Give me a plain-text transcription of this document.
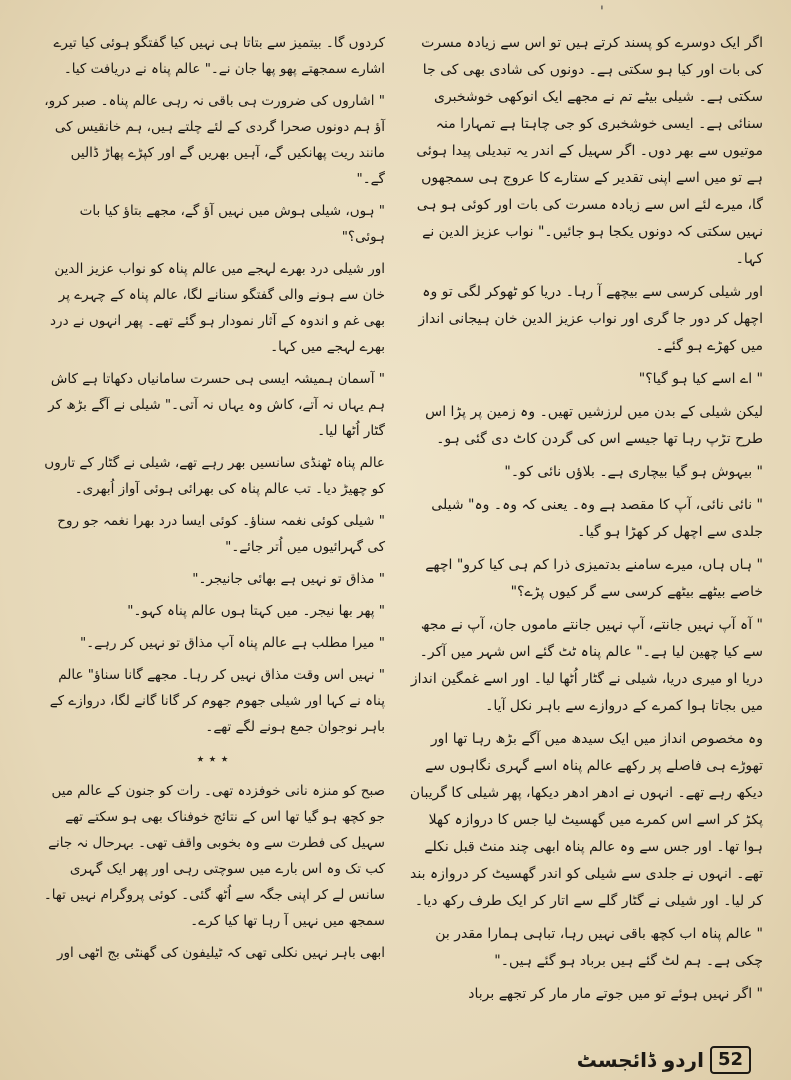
'

اگر ایک دوسرے کو پسند کرتے ہیں تو اس سے زیادہ مسرت کی بات اور کیا ہو سکتی ہے۔ دونوں کی شادی بھی کی جا سکتی ہے۔ شیلی بیٹے تم نے مجھے ایک انوکھی خوشخبری سنائی ہے۔ ایسی خوشخبری کو جی چاہتا ہے تمہارا منہ موتیوں سے بھر دوں۔ اگر سہیل کے اندر یہ تبدیلی پیدا ہوئی ہے تو میں اسے اپنی تقدیر کے ستارے کا عروج ہی سمجھوں گا، میرے لئے اس سے زیادہ مسرت کی بات اور کوئی ہو ہی نہیں سکتی کہ دونوں یکجا ہو جائیں۔" نواب عزیز الدین نے کہا۔

اور شیلی کرسی سے بیچھے آ رہا۔ دریا کو ٹھوکر لگی تو وہ اچھل کر دور جا گری اور نواب عزیز الدین خان ہیجانی انداز میں کھڑے ہو گئے۔

" اے اسے کیا ہو گیا؟"

لیکن شیلی کے بدن میں لرزشیں تھیں۔ وہ زمین پر پڑا اس طرح تڑپ رہا تھا جیسے اس کی گردن کاٹ دی گئی ہو۔

" بیہوش ہو گیا بیچاری ہے۔ بلاؤں نائی کو۔"

" نائی نائی، آپ کا مقصد ہے وہ۔ یعنی کہ وہ۔ وہ" شیلی جلدی سے اچھل کر کھڑا ہو گیا۔

" ہاں ہاں، میرے سامنے بدتمیزی ذرا کم ہی کیا کرو" اچھے خاصے بیٹھے بیٹھے کرسی سے گر کیوں پڑے؟"

" آہ آپ نہیں جانتے، آپ نہیں جانتے ماموں جان، آپ نے مجھ سے کیا چھین لیا ہے۔" عالم پناہ ٹٹ گئے اس شہر میں آکر۔ دریا او میری دریا، شیلی نے گٹار اُٹھا لیا۔ اور اسے غمگین انداز میں بجاتا ہوا کمرے کے دروازے سے باہر نکل آیا۔

وہ مخصوص انداز میں ایک سیدھ میں آگے بڑھ رہا تھا اور تھوڑے ہی فاصلے پر رکھے عالم پناہ اسے گہری نگاہوں سے دیکھ رہے تھے۔ انہوں نے ادھر ادھر دیکھا، پھر شیلی کا گریبان پکڑ کر اسے اس کمرے میں گھسیٹ لیا جس کا دروازہ کھلا ہوا تھا۔ اور جس سے وہ عالم پناہ ابھی چند منٹ قبل نکلے تھے۔ انہوں نے جلدی سے شیلی کو اندر گھسیٹ کر دروازہ بند کر لیا۔ اور شیلی نے گٹار گلے سے اتار کر ایک طرف رکھ دیا۔

" عالم پناہ اب کچھ باقی نہیں رہا، تباہی ہمارا مقدر بن چکی ہے۔ ہم لٹ گئے ہیں برباد ہو گئے ہیں۔"

" اگر نہیں ہوئے تو میں جوتے مار مار کر تجھے برباد

کردوں گا۔ بیتمیز سے بتاتا ہی نہیں کیا گفتگو ہوئی کیا تیرے اشارے سمجھتے پھو پھا جان نے۔" عالم پناہ نے دریافت کیا۔

" اشاروں کی ضرورت ہی باقی نہ رہی عالم پناہ۔ صبر کرو، آؤ ہم دونوں صحرا گردی کے لئے چلتے ہیں، ہم خانقیس کی مانند ریت پھانکیں گے، آہیں بھریں گے اور کپڑے پھاڑ ڈالیں گے۔"

" ہوں، شیلی ہوش میں نہیں آؤ گے، مجھے بتاؤ کیا بات ہوئی؟"

اور شیلی درد بھرے لہجے میں عالم پناہ کو نواب عزیز الدین خان سے ہونے والی گفتگو سنانے لگا، عالم پناہ کے چہرے پر بھی غم و اندوہ کے آثار نمودار ہو گئے تھے۔ پھر انہوں نے درد بھرے لہجے میں کہا۔

" آسمان ہمیشہ ایسی ہی حسرت سامانیاں دکھاتا ہے کاش ہم یہاں نہ آتے، کاش وہ یہاں نہ آتی۔" شیلی نے آگے بڑھ کر گٹار اُٹھا لیا۔

عالم پناہ ٹھنڈی سانسیں بھر رہے تھے، شیلی نے گٹار کے تاروں کو چھیڑ دیا۔ تب عالم پناہ کی بھرائی ہوئی آواز اُبھری۔

" شیلی کوئی نغمہ سناؤ۔ کوئی ایسا درد بھرا نغمہ جو روح کی گہرائیوں میں اُتر جائے۔"

" مذاق تو نہیں ہے بھائی جانیجر۔"

" پھر بھا نیجر۔ میں کہتا ہوں عالم پناہ کہو۔"

" میرا مطلب ہے عالم پناہ آپ مذاق تو نہیں کر رہے۔"

" نہیں اس وقت مذاق نہیں کر رہا۔ مجھے گانا سناؤ" عالم پناہ نے کہا اور شیلی جھوم جھوم کر گانا گانے لگا، دروازے کے باہر نوجوان جمع ہونے لگے تھے۔

٭ ٭ ٭

صبح کو منزہ نانی خوفزدہ تھی۔ رات کو جنون کے عالم میں جو کچھ ہو گیا تھا اس کے نتائج خوفناک بھی ہو سکتے تھے سہیل کی فطرت سے وہ بخوبی واقف تھی۔ بہرحال نہ جانے کب تک وہ اس بارے میں سوچتی رہی اور پھر ایک گہری سانس لے کر اپنی جگہ سے اُٹھ گئی۔ کوئی پروگرام نہیں تھا۔ سمجھ میں نہیں آ رہا تھا کیا کرے۔

ابھی باہر نہیں نکلی تھی کہ ٹیلیفون کی گھنٹی بج اٹھی اور

52
اردو ڈائجسٹ
